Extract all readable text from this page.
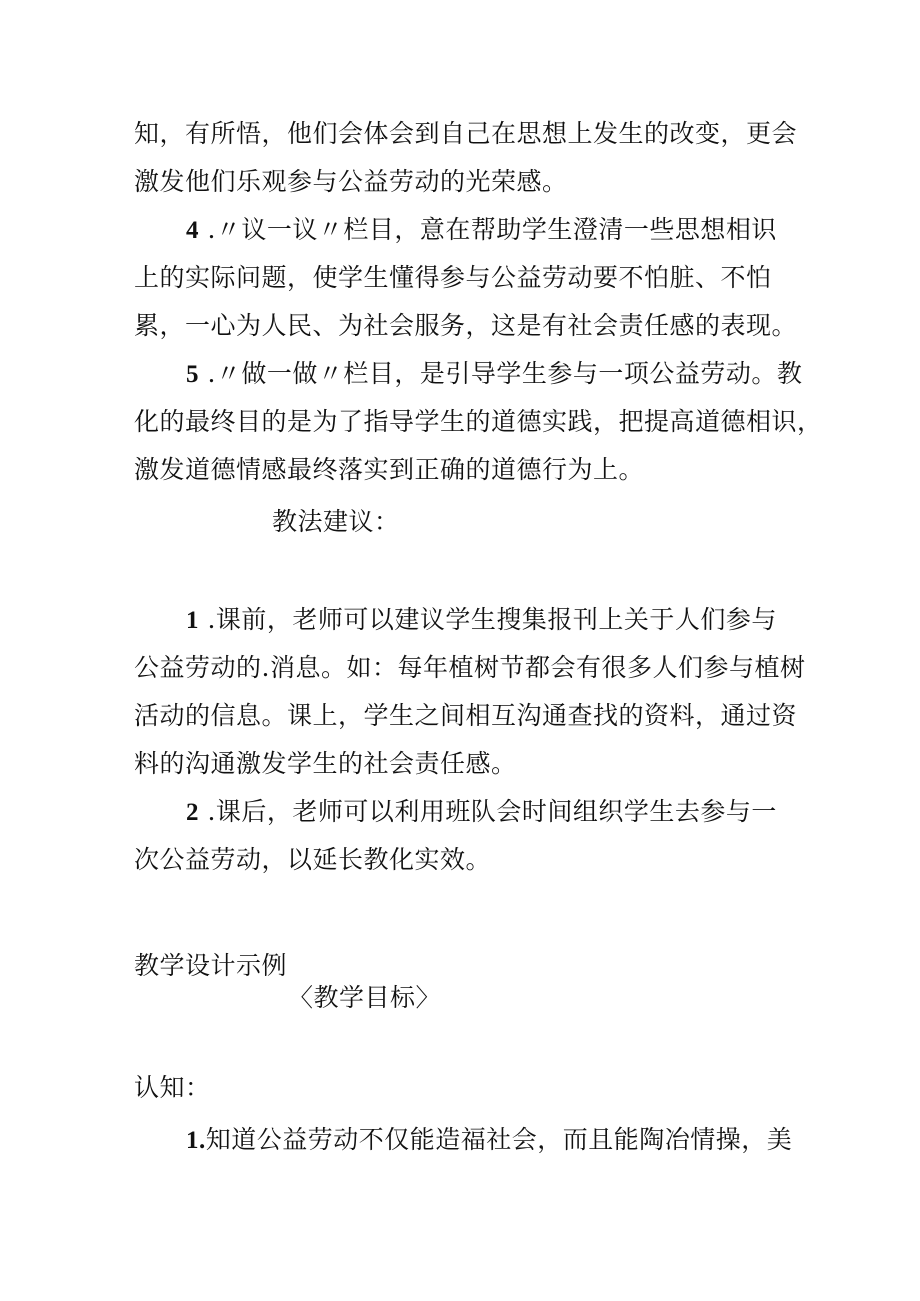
知，有所悟，他们会体会到自己在思想上发生的改变，更会
激发他们乐观参与公益劳动的光荣感。
4 .〃议一议〃栏目，意在帮助学生澄清一些思想相识
上的实际问题，使学生懂得参与公益劳动要不怕脏、不怕
累，一心为人民、为社会服务，这是有社会责任感的表现。
5 .〃做一做〃栏目，是引导学生参与一项公益劳动。教
化的最终目的是为了指导学生的道德实践，把提高道德相识，
激发道德情感最终落实到正确的道德行为上。
教法建议：
1 .课前，老师可以建议学生搜集报刊上关于人们参与
公益劳动的.消息。如：每年植树节都会有很多人们参与植树
活动的信息。课上，学生之间相互沟通查找的资料，通过资
料的沟通激发学生的社会责任感。
2 .课后，老师可以利用班队会时间组织学生去参与一
次公益劳动，以延长教化实效。
教学设计示例
〈教学目标〉
认知：
1.知道公益劳动不仅能造福社会，而且能陶冶情操，美
